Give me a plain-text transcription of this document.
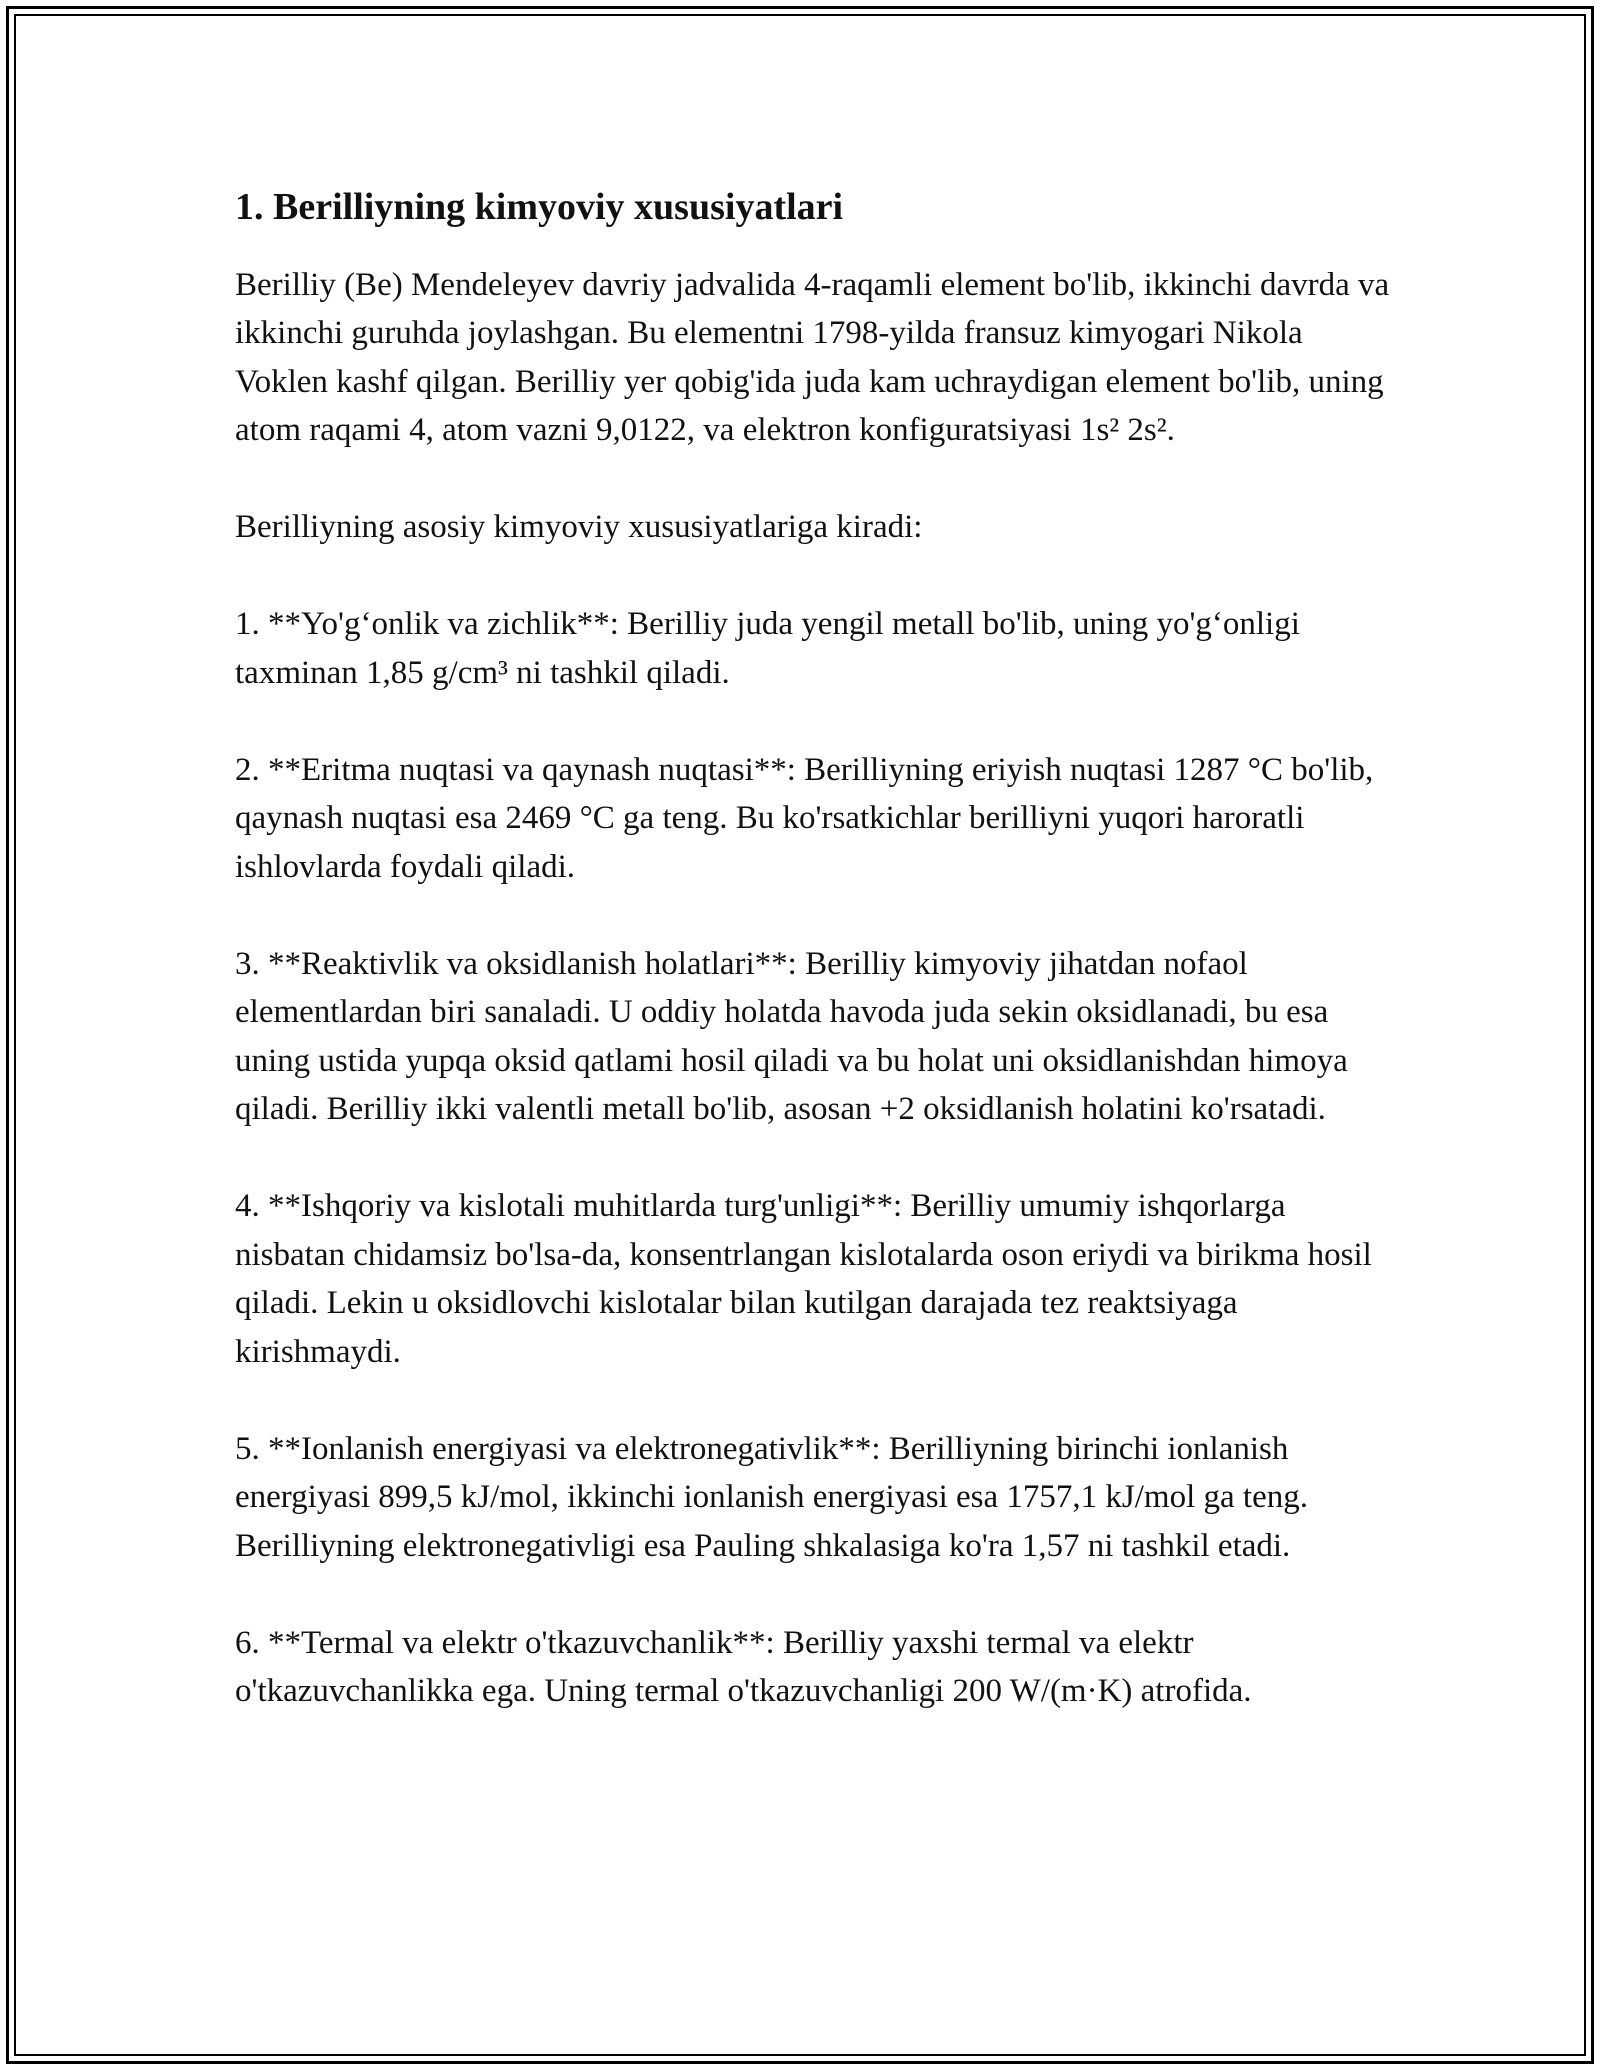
1. Berilliyning kimyoviy xususiyatlari

Berilliy (Be) Mendeleyev davriy jadvalida 4-raqamli element bo'lib, ikkinchi davrda va ikkinchi guruhda joylashgan. Bu elementni 1798-yilda fransuz kimyogari Nikola Voklen kashf qilgan. Berilliy yer qobig'ida juda kam uchraydigan element bo'lib, uning atom raqami 4, atom vazni 9,0122, va elektron konfiguratsiyasi 1s² 2s².

Berilliyning asosiy kimyoviy xususiyatlariga kiradi:

1. **Yo'g‘onlik va zichlik**: Berilliy juda yengil metall bo'lib, uning yo'g‘onligi taxminan 1,85 g/cm³ ni tashkil qiladi.

2. **Eritma nuqtasi va qaynash nuqtasi**: Berilliyning eriyish nuqtasi 1287 °C bo'lib, qaynash nuqtasi esa 2469 °C ga teng. Bu ko'rsatkichlar berilliyni yuqori haroratli ishlovlarda foydali qiladi.

3. **Reaktivlik va oksidlanish holatlari**: Berilliy kimyoviy jihatdan nofaol elementlardan biri sanaladi. U oddiy holatda havoda juda sekin oksidlanadi, bu esa uning ustida yupqa oksid qatlami hosil qiladi va bu holat uni oksidlanishdan himoya qiladi. Berilliy ikki valentli metall bo'lib, asosan +2 oksidlanish holatini ko'rsatadi.

4. **Ishqoriy va kislotali muhitlarda turg'unligi**: Berilliy umumiy ishqorlarga nisbatan chidamsiz bo'lsa-da, konsentrlangan kislotalarda oson eriydi va birikma hosil qiladi. Lekin u oksidlovchi kislotalar bilan kutilgan darajada tez reaktsiyaga kirishmaydi.

5. **Ionlanish energiyasi va elektronegativlik**: Berilliyning birinchi ionlanish energiyasi 899,5 kJ/mol, ikkinchi ionlanish energiyasi esa 1757,1 kJ/mol ga teng. Berilliyning elektronegativligi esa Pauling shkalasiga ko'ra 1,57 ni tashkil etadi.

6. **Termal va elektr o'tkazuvchanlik**: Berilliy yaxshi termal va elektr o'tkazuvchanlikka ega. Uning termal o'tkazuvchanligi 200 W/(m·K) atrofida.
